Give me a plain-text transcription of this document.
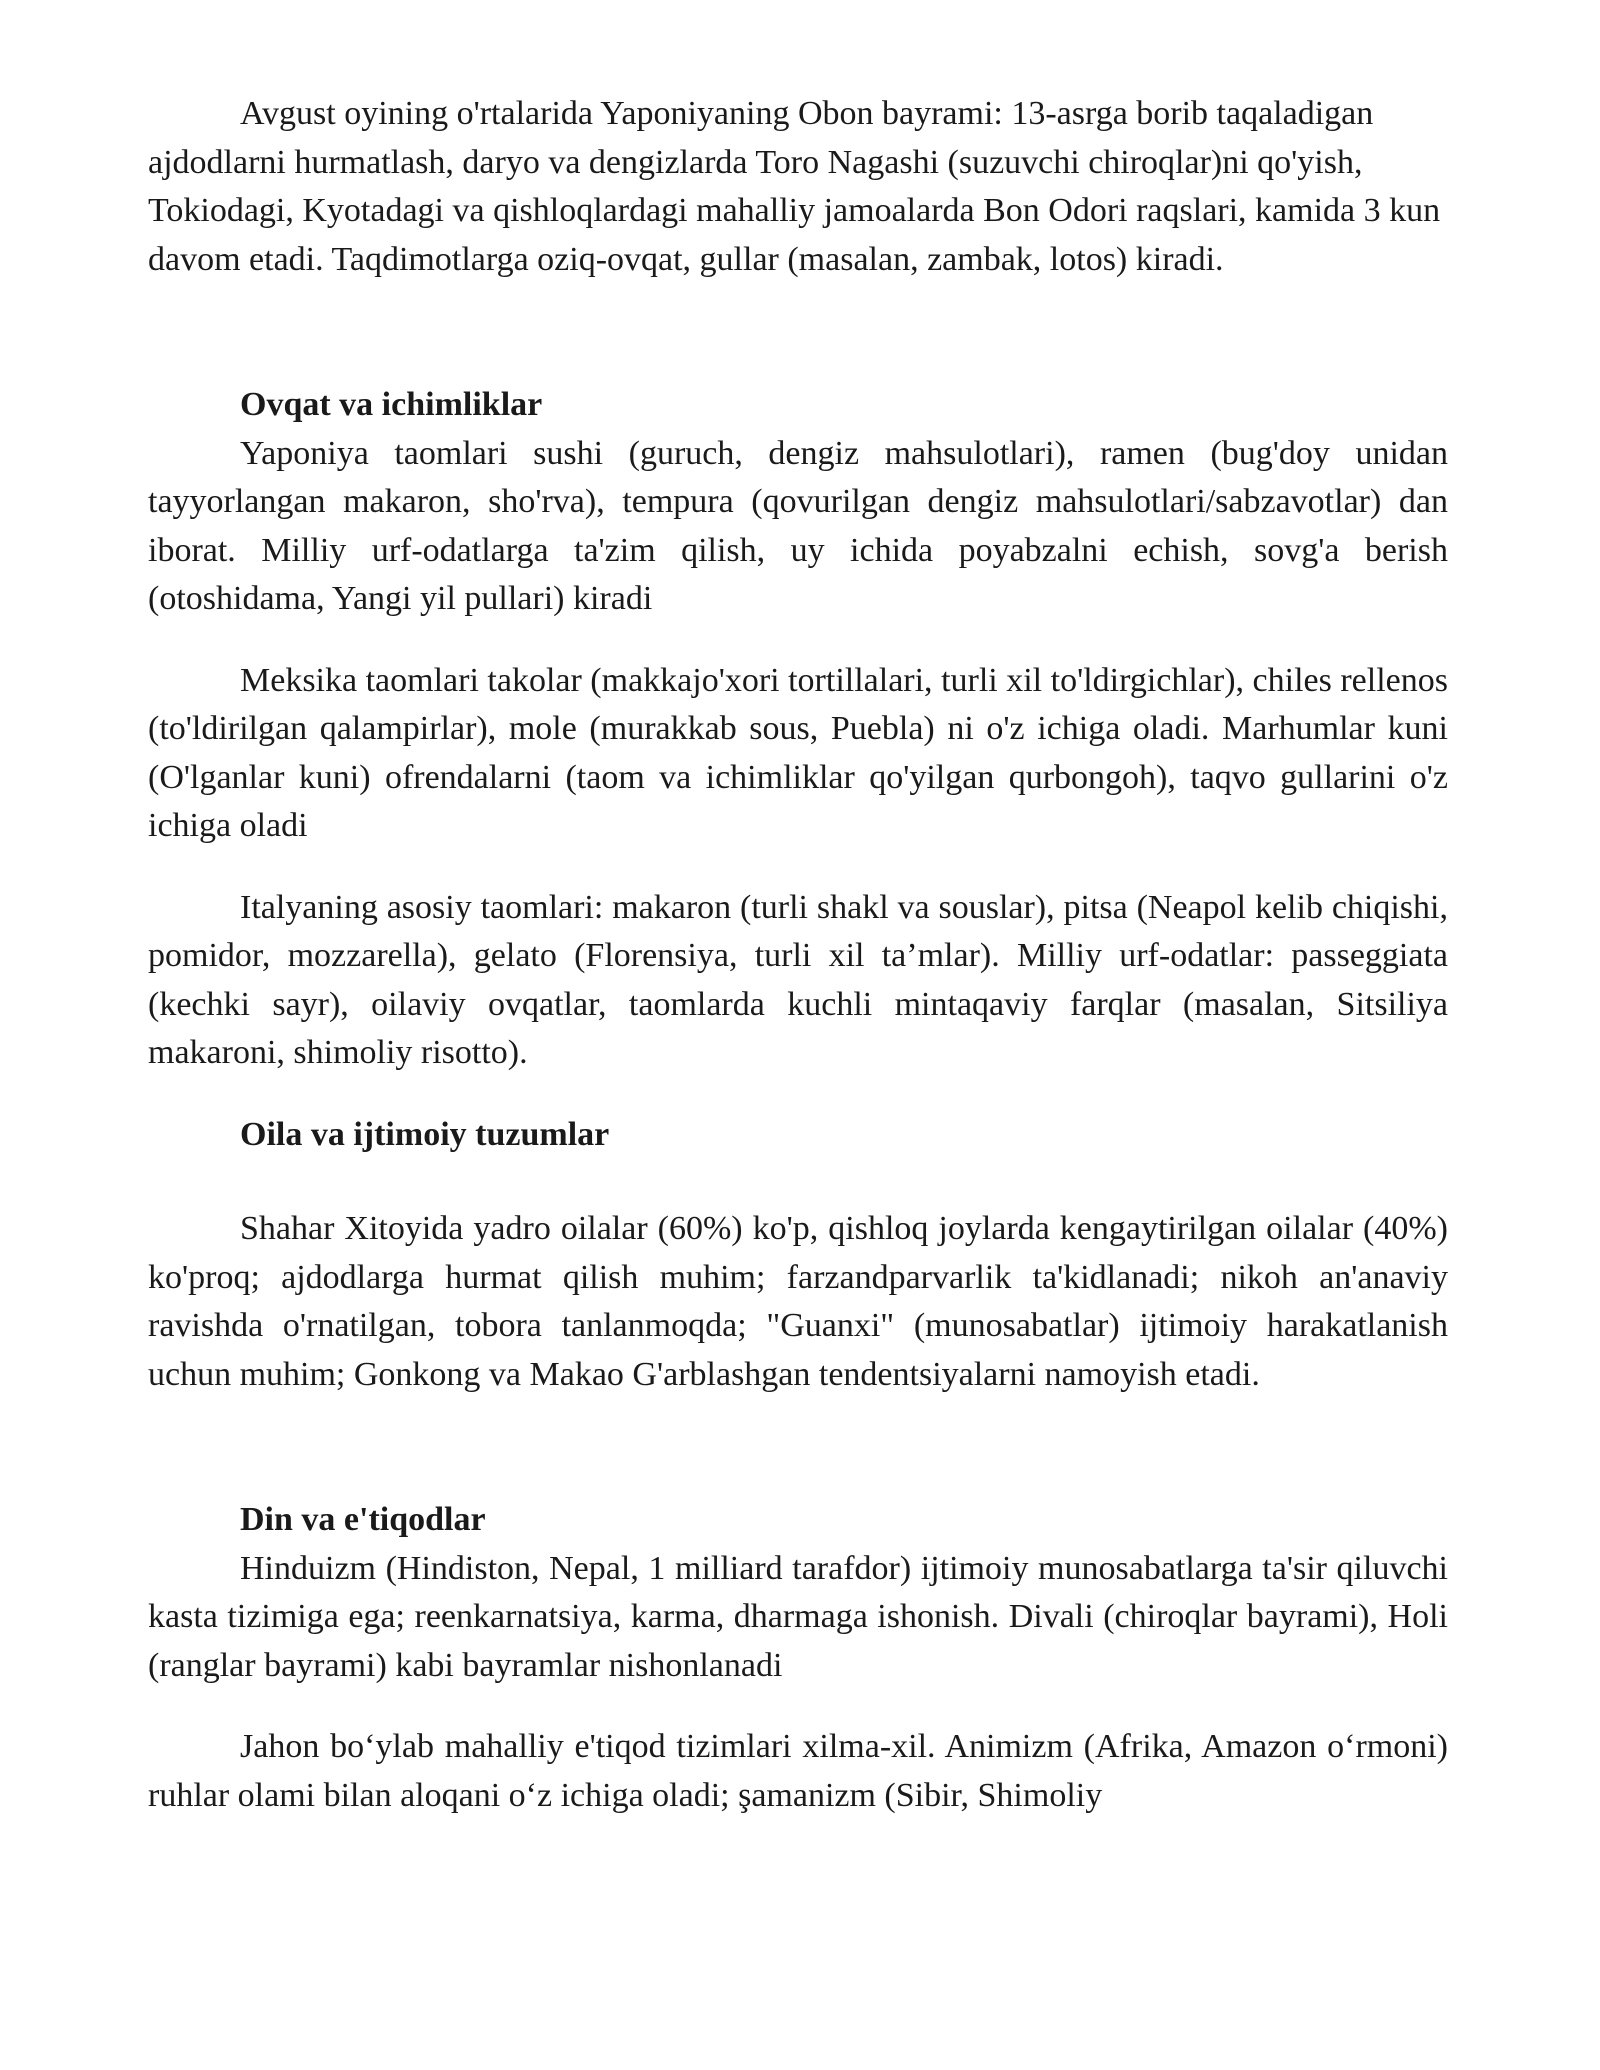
Avgust oyining o'rtalarida Yaponiyaning Obon bayrami: 13-asrga borib taqaladigan ajdodlarni hurmatlash, daryo va dengizlarda Toro Nagashi (suzuvchi chiroqlar)ni qo'yish, Tokiodagi, Kyotadagi va qishloqlardagi mahalliy jamoalarda Bon Odori raqslari, kamida 3 kun davom etadi. Taqdimotlarga oziq-ovqat, gullar (masalan, zambak, lotos) kiradi.

Ovqat va ichimliklar

Yaponiya taomlari sushi (guruch, dengiz mahsulotlari), ramen (bug'doy unidan tayyorlangan makaron, sho'rva), tempura (qovurilgan dengiz mahsulotlari/sabzavotlar) dan iborat. Milliy urf-odatlarga ta'zim qilish, uy ichida poyabzalni echish, sovg'a berish (otoshidama, Yangi yil pullari) kiradi

Meksika taomlari takolar (makkajo'xori tortillalari, turli xil to'ldirgichlar), chiles rellenos (to'ldirilgan qalampirlar), mole (murakkab sous, Puebla) ni o'z ichiga oladi. Marhumlar kuni (O'lganlar kuni) ofrendalarni (taom va ichimliklar qo'yilgan qurbongoh), taqvo gullarini o'z ichiga oladi

Italyaning asosiy taomlari: makaron (turli shakl va souslar), pitsa (Neapol kelib chiqishi, pomidor, mozzarella), gelato (Florensiya, turli xil ta’mlar). Milliy urf-odatlar: passeggiata (kechki sayr), oilaviy ovqatlar, taomlarda kuchli mintaqaviy farqlar (masalan, Sitsiliya makaroni, shimoliy risotto).

Oila va ijtimoiy tuzumlar

Shahar Xitoyida yadro oilalar (60%) ko'p, qishloq joylarda kengaytirilgan oilalar (40%) ko'proq; ajdodlarga hurmat qilish muhim; farzandparvarlik ta'kidlanadi; nikoh an'anaviy ravishda o'rnatilgan, tobora tanlanmoqda; "Guanxi" (munosabatlar) ijtimoiy harakatlanish uchun muhim; Gonkong va Makao G'arblashgan tendentsiyalarni namoyish etadi.

Din va e'tiqodlar

Hinduizm (Hindiston, Nepal, 1 milliard tarafdor) ijtimoiy munosabatlarga ta'sir qiluvchi kasta tizimiga ega; reenkarnatsiya, karma, dharmaga ishonish. Divali (chiroqlar bayrami), Holi (ranglar bayrami) kabi bayramlar nishonlanadi

Jahon bo‘ylab mahalliy e'tiqod tizimlari xilma-xil. Animizm (Afrika, Amazon o‘rmoni) ruhlar olami bilan aloqani o‘z ichiga oladi; şamanizm (Sibir, Shimoliy
